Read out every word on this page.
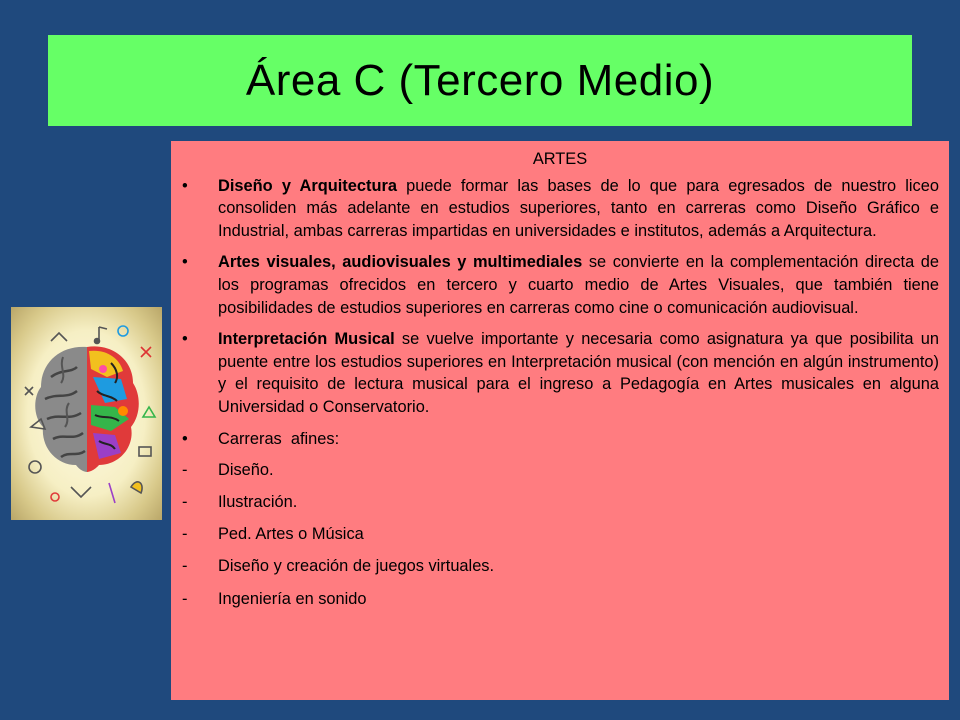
Área C (Tercero Medio)
ARTES
•	Diseño y Arquitectura puede formar las bases de lo que para egresados de nuestro liceo consoliden más adelante en estudios superiores, tanto en carreras como Diseño Gráfico e Industrial, ambas carreras impartidas en universidades e institutos, además a Arquitectura.
•	Artes visuales, audiovisuales y multimediales se convierte en la complementación directa de los programas ofrecidos en tercero y cuarto medio de Artes Visuales, que también tiene posibilidades de estudios superiores en carreras como cine o comunicación audiovisual.
•	Interpretación Musical se vuelve importante y necesaria como asignatura ya que posibilita un puente entre los estudios superiores en Interpretación musical (con mención en algún instrumento) y el requisito de lectura musical para el ingreso a Pedagogía en Artes musicales en alguna Universidad o Conservatorio.
•	Carreras  afines:
-	Diseño.
-	Ilustración.
-	Ped. Artes o Música
-	Diseño y creación de juegos virtuales.
-	Ingeniería en sonido
